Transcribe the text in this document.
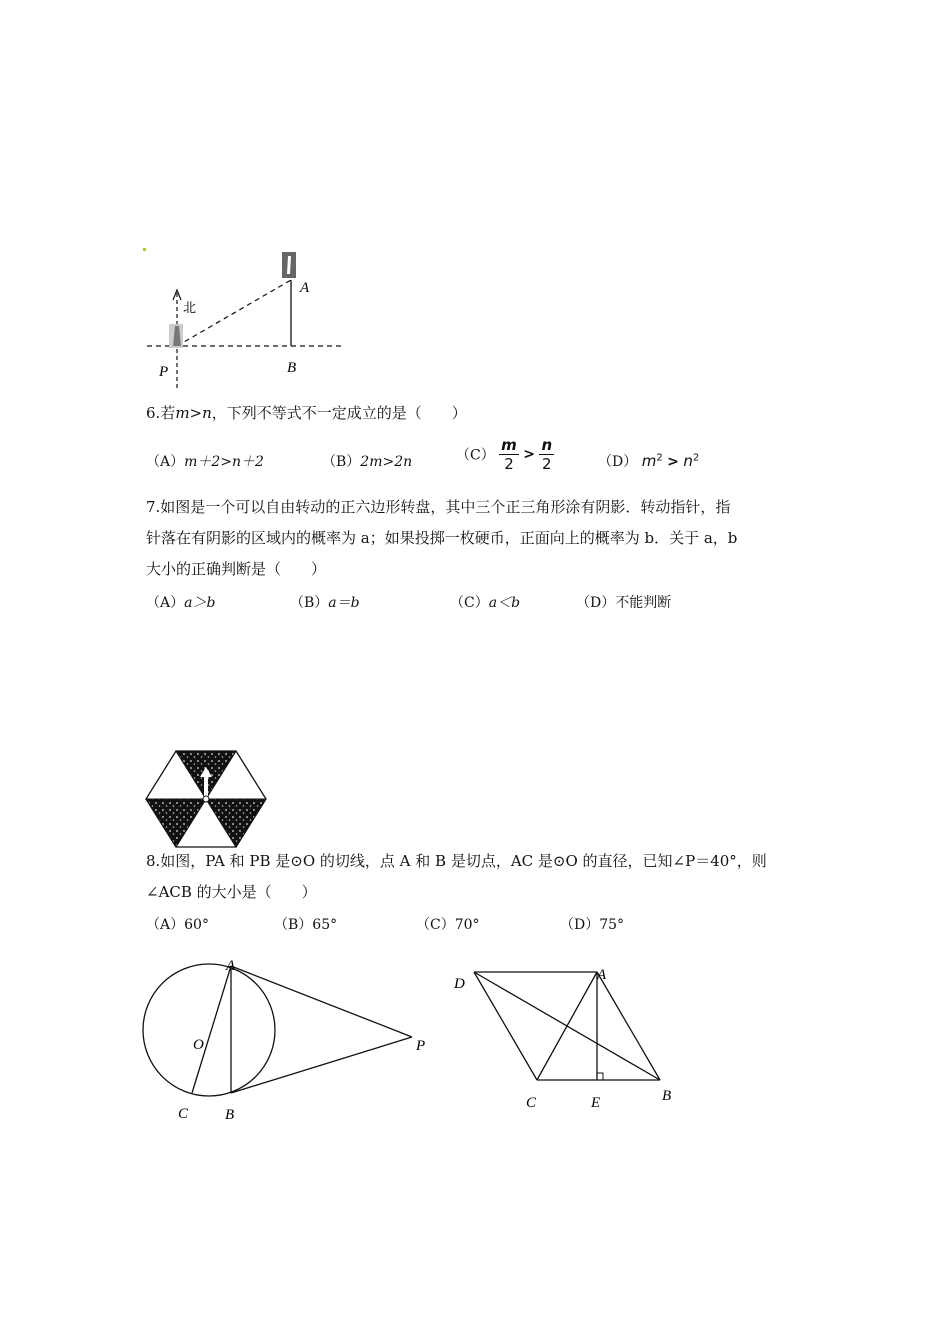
北
A
B
P
6.若m>n，下列不等式不一定成立的是（　　）
（A）m＋2>n＋2	（B）2m>2n	$(C) \frac{m}{2} > \frac{n}{2}$	（D） $m^2 > n^2$
7.如图是一个可以自由转动的正六边形转盘，其中三个正三角形涂有阴影．转动指针，指
针落在有阴影的区域内的概率为 a；如果投掷一枚硬币，正面向上的概率为 b．关于 a，b
大小的正确判断是（　　）
（A）a＞b	（B）a＝b	（C）a＜b	（D）不能判断
8.如图，PA 和 PB 是⊙O 的切线，点 A 和 B 是切点，AC 是⊙O 的直径，已知∠P＝40°，则
∠ACB 的大小是（　　）
（A）60°	（B）65°	（C）70°	（D）75°
A
O	P
C B
D
A
C	E	B
